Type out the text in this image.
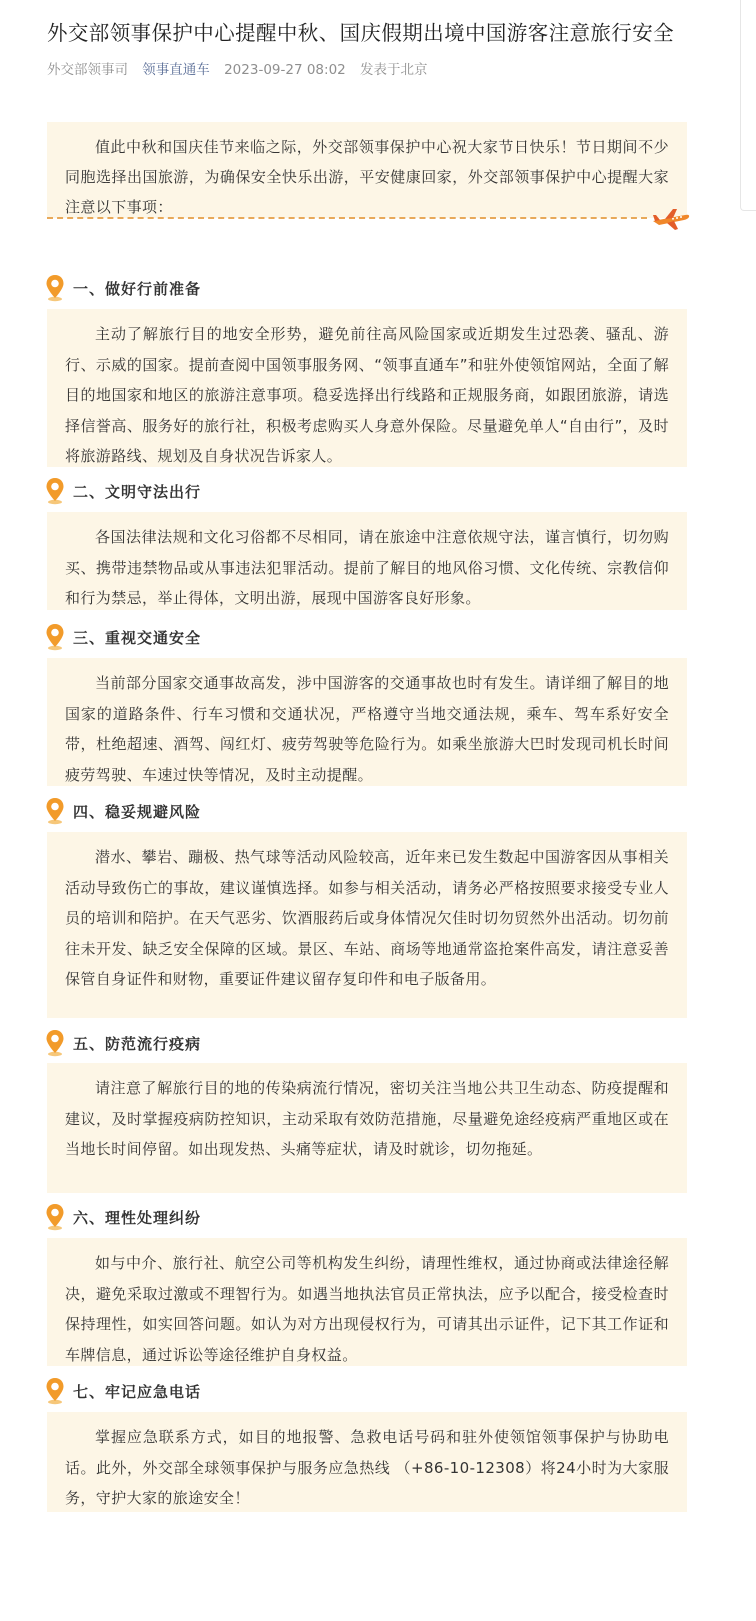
外交部领事保护中心提醒中秋、国庆假期出境中国游客注意旅行安全
外交部领事司 领事直通车 2023-09-27 08:02 发表于北京

值此中秋和国庆佳节来临之际，外交部领事保护中心祝大家节日快乐！节日期间不少同胞选择出国旅游，为确保安全快乐出游，平安健康回家，外交部领事保护中心提醒大家注意以下事项：

一、做好行前准备

主动了解旅行目的地安全形势，避免前往高风险国家或近期发生过恐袭、骚乱、游行、示威的国家。提前查阅中国领事服务网、“领事直通车”和驻外使领馆网站，全面了解目的地国家和地区的旅游注意事项。稳妥选择出行线路和正规服务商，如跟团旅游，请选择信誉高、服务好的旅行社，积极考虑购买人身意外保险。尽量避免单人“自由行”，及时将旅游路线、规划及自身状况告诉家人。

二、文明守法出行

各国法律法规和文化习俗都不尽相同，请在旅途中注意依规守法，谨言慎行，切勿购买、携带违禁物品或从事违法犯罪活动。提前了解目的地风俗习惯、文化传统、宗教信仰和行为禁忌，举止得体，文明出游，展现中国游客良好形象。

三、重视交通安全

当前部分国家交通事故高发，涉中国游客的交通事故也时有发生。请详细了解目的地国家的道路条件、行车习惯和交通状况，严格遵守当地交通法规，乘车、驾车系好安全带，杜绝超速、酒驾、闯红灯、疲劳驾驶等危险行为。如乘坐旅游大巴时发现司机长时间疲劳驾驶、车速过快等情况，及时主动提醒。

四、稳妥规避风险

潜水、攀岩、蹦极、热气球等活动风险较高，近年来已发生数起中国游客因从事相关活动导致伤亡的事故，建议谨慎选择。如参与相关活动，请务必严格按照要求接受专业人员的培训和陪护。在天气恶劣、饮酒服药后或身体情况欠佳时切勿贸然外出活动。切勿前往未开发、缺乏安全保障的区域。景区、车站、商场等地通常盗抢案件高发，请注意妥善保管自身证件和财物，重要证件建议留存复印件和电子版备用。

五、防范流行疫病

请注意了解旅行目的地的传染病流行情况，密切关注当地公共卫生动态、防疫提醒和建议，及时掌握疫病防控知识，主动采取有效防范措施，尽量避免途经疫病严重地区或在当地长时间停留。如出现发热、头痛等症状，请及时就诊，切勿拖延。

六、理性处理纠纷

如与中介、旅行社、航空公司等机构发生纠纷，请理性维权，通过协商或法律途径解决，避免采取过激或不理智行为。如遇当地执法官员正常执法，应予以配合，接受检查时保持理性，如实回答问题。如认为对方出现侵权行为，可请其出示证件，记下其工作证和车牌信息，通过诉讼等途径维护自身权益。

七、牢记应急电话

掌握应急联系方式，如目的地报警、急救电话号码和驻外使领馆领事保护与协助电话。此外，外交部全球领事保护与服务应急热线 （+86-10-12308）将24小时为大家服务，守护大家的旅途安全！
